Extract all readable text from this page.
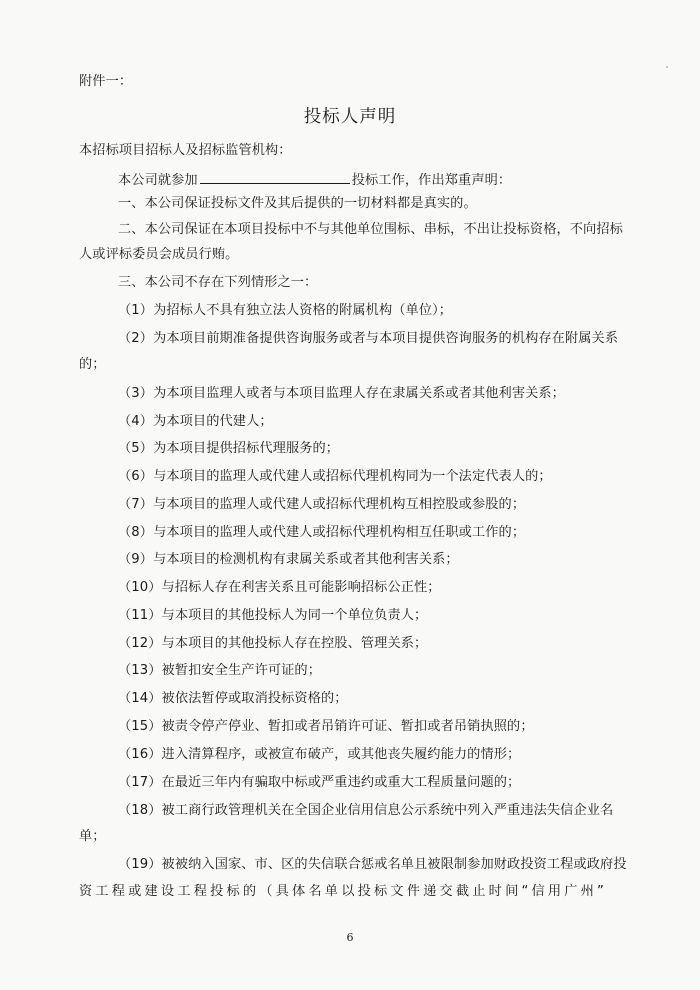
附件一：
投标人声明
本招标项目招标人及招标监管机构：
本公司就参加	投标工作，作出郑重声明：
一、本公司保证投标文件及其后提供的一切材料都是真实的。
二、本公司保证在本项目投标中不与其他单位围标、串标，不出让投标资格，不向招标
人或评标委员会成员行贿。
三、本公司不存在下列情形之一：
（1）为招标人不具有独立法人资格的附属机构（单位）；
（2）为本项目前期准备提供咨询服务或者与本项目提供咨询服务的机构存在附属关系
的；
（3）为本项目监理人或者与本项目监理人存在隶属关系或者其他利害关系；
（4）为本项目的代建人；
（5）为本项目提供招标代理服务的；
（6）与本项目的监理人或代建人或招标代理机构同为一个法定代表人的；
（7）与本项目的监理人或代建人或招标代理机构互相控股或参股的；
（8）与本项目的监理人或代建人或招标代理机构相互任职或工作的；
（9）与本项目的检测机构有隶属关系或者其他利害关系；
（10）与招标人存在利害关系且可能影响招标公正性；
（11）与本项目的其他投标人为同一个单位负责人；
（12）与本项目的其他投标人存在控股、管理关系；
（13）被暂扣安全生产许可证的；
（14）被依法暂停或取消投标资格的；
（15）被责令停产停业、暂扣或者吊销许可证、暂扣或者吊销执照的；
（16）进入清算程序，或被宣布破产，或其他丧失履约能力的情形；
（17）在最近三年内有骗取中标或严重违约或重大工程质量问题的；
（18）被工商行政管理机关在全国企业信用信息公示系统中列入严重违法失信企业名
单；
（19）被被纳入国家、市、区的失信联合惩戒名单且被限制参加财政投资工程或政府投
资工程或建设工程投标的（具体名单以投标文件递交截止时间“信用广州”
6
